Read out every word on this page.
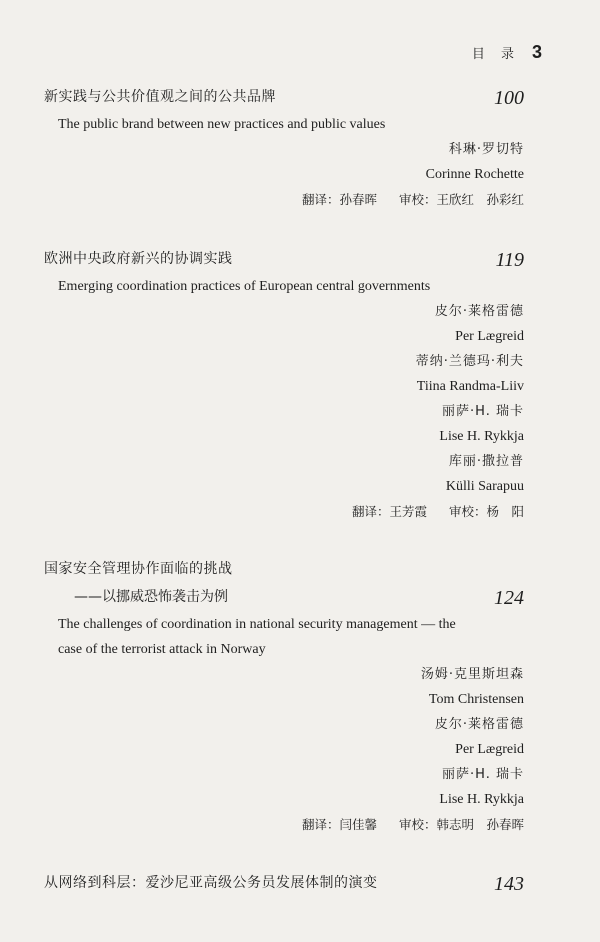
目 录 3
新实践与公共价值观之间的公共品牌	100
The public brand between new practices and public values
科琳·罗切特
Corinne Rochette
翻译：孙春晖 审校：王欣红　孙彩红
欧洲中央政府新兴的协调实践	119
Emerging coordination practices of European central governments
皮尔·莱格雷德
Per Lægreid
蒂纳·兰德玛·利夫
Tiina Randma-Liiv
丽萨·H. 瑞卡
Lise H. Rykkja
库丽·撒拉普
Külli Sarapuu
翻译：王芳霞 审校：杨　阳
国家安全管理协作面临的挑战
——以挪威恐怖袭击为例	124
The challenges of coordination in national security management — the
case of the terrorist attack in Norway
汤姆·克里斯坦森
Tom Christensen
皮尔·莱格雷德
Per Lægreid
丽萨·H. 瑞卡
Lise H. Rykkja
翻译：闫佳馨 审校：韩志明　孙春晖
从网络到科层：爱沙尼亚高级公务员发展体制的演变	143
